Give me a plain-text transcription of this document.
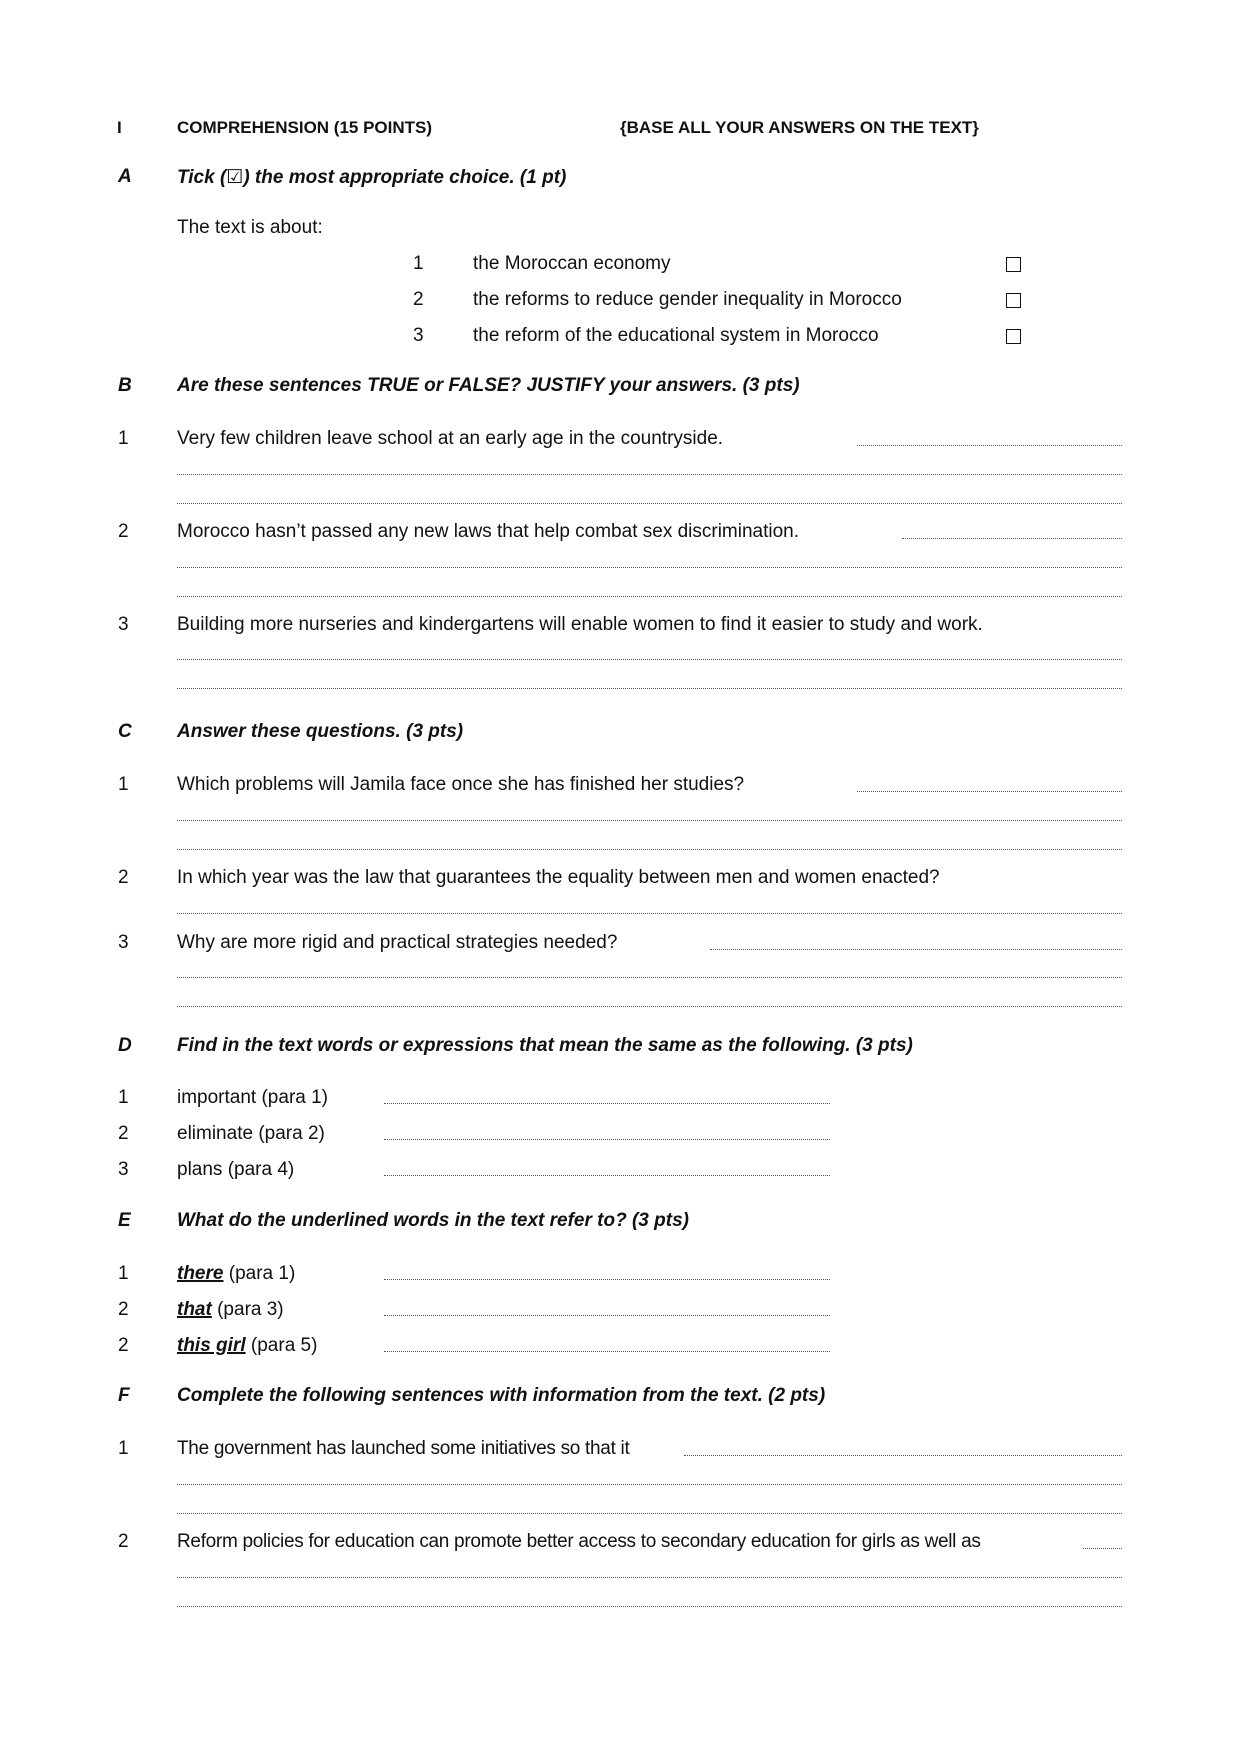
I	COMPREHENSION (15 POINTS)	{BASE ALL YOUR ANSWERS ON THE TEXT}
A Tick (☑) the most appropriate choice. (1 pt)
The text is about:
1	the Moroccan economy
2	the reforms to reduce gender inequality in Morocco
3	the reform of the educational system in Morocco
B Are these sentences TRUE or FALSE? JUSTIFY your answers. (3 pts)
1	Very few children leave school at an early age in the countryside.
2	Morocco hasn’t passed any new laws that help combat sex discrimination.
3	Building more nurseries and kindergartens will enable women to find it easier to study and work.
C Answer these questions. (3 pts)
1	Which problems will Jamila face once she has finished her studies?
2	In which year was the law that guarantees the equality between men and women enacted?
3	Why are more rigid and practical strategies needed?
D Find in the text words or expressions that mean the same as the following. (3 pts)
1	important (para 1)
2	eliminate (para 2)
3	plans (para 4)
E What do the underlined words in the text refer to? (3 pts)
1	there (para 1)
2	that (para 3)
2	this girl (para 5)
F Complete the following sentences with information from the text. (2 pts)
1	The government has launched some initiatives so that it
2	Reform policies for education can promote better access to secondary education for girls as well as
